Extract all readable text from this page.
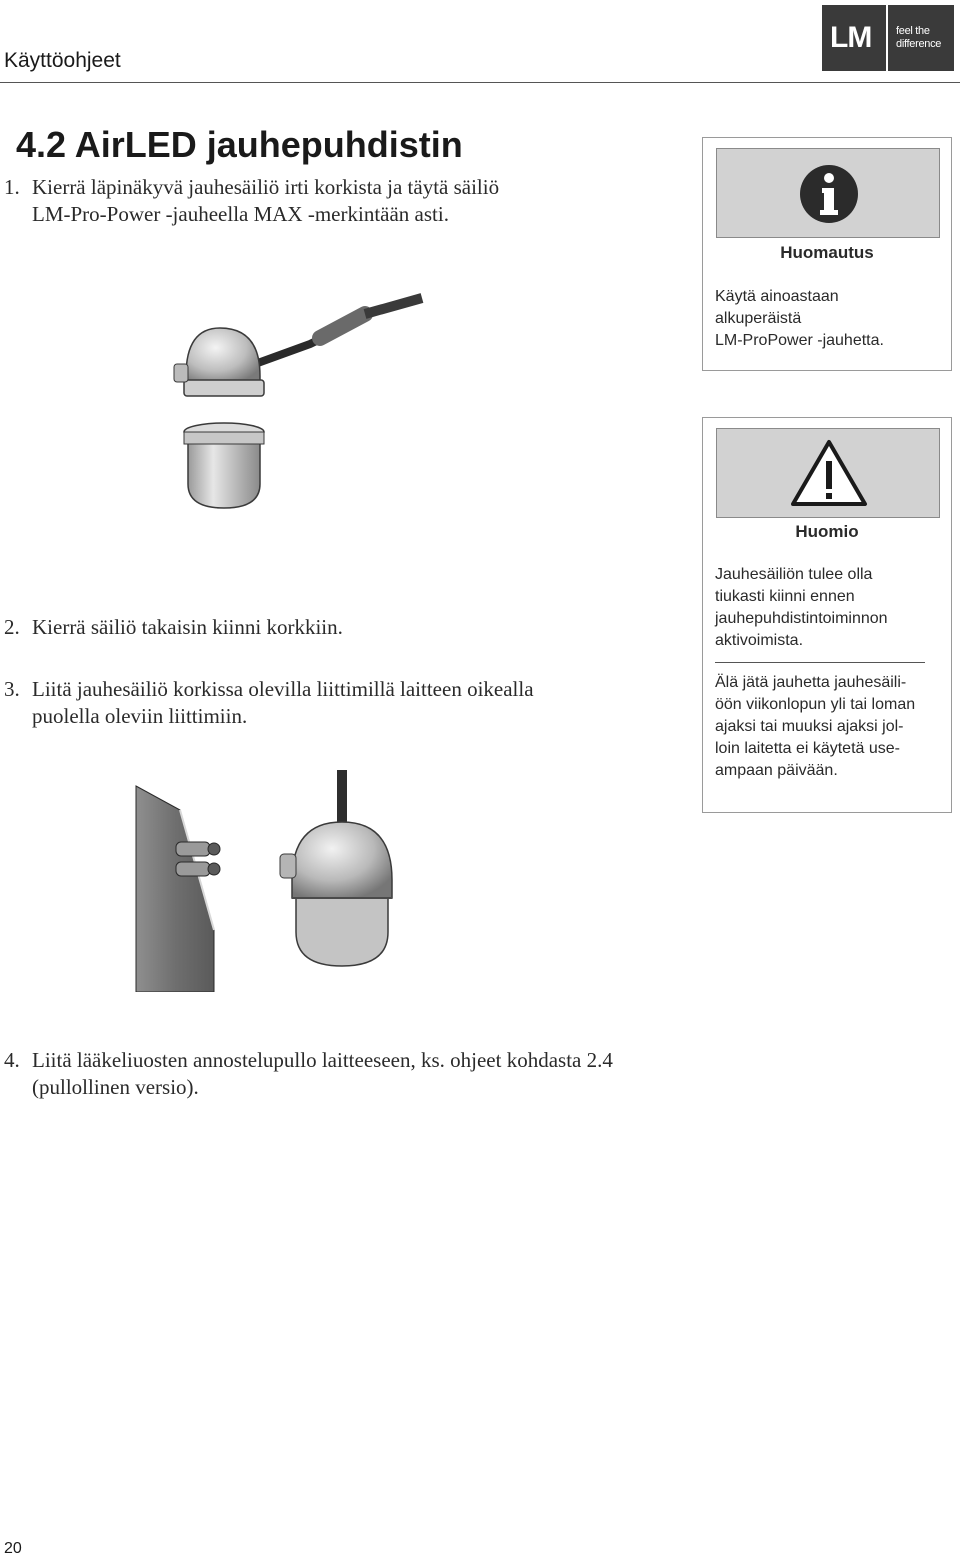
Käyttöohjeet
LM feel the
difference
4.2 AirLED jauhepuhdistin
1. Kierrä läpinäkyvä jauhesäiliö irti korkista ja täytä säiliö
LM-Pro-Power -jauheella MAX -merkintään asti.
Huomautus
Käytä ainoastaan
alkuperäistä
LM-ProPower -jauhetta.
Huomio
Jauhesäiliön tulee olla
tiukasti kiinni ennen
jauhepuhdistintoiminnon
aktivoimista.
Älä jätä jauhetta jauhesäili-
öön viikonlopun yli tai loman
ajaksi tai muuksi ajaksi jol-
loin laitetta ei käytetä use-
ampaan päivään.
2. Kierrä säiliö takaisin kiinni korkkiin.
3. Liitä jauhesäiliö korkissa olevilla liittimillä laitteen oikealla
puolella oleviin liittimiin.
4. Liitä lääkeliuosten annostelupullo laitteeseen, ks. ohjeet kohdasta 2.4
(pullollinen versio).
20
